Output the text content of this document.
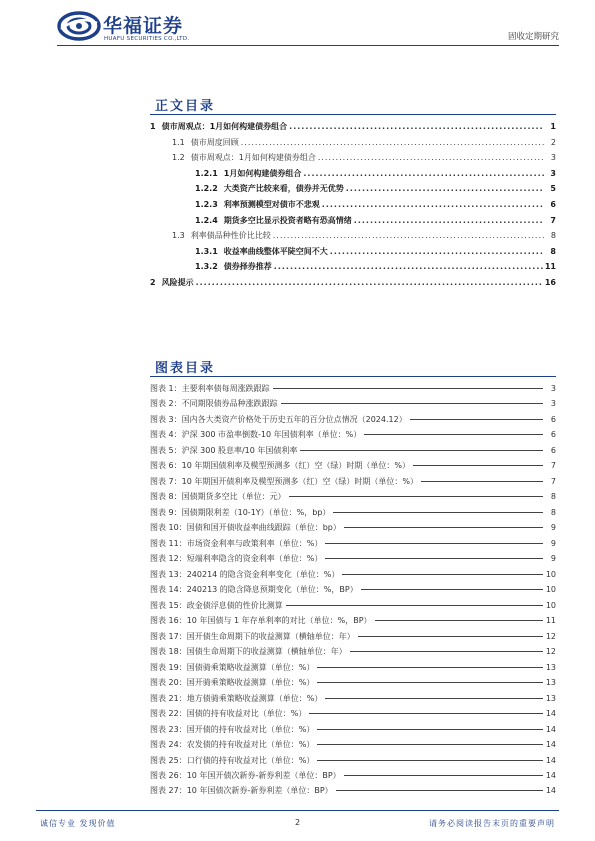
华福证券
HUAFU SECURITIES CO.,LTD.	固收定期研究
正文目录
1 债市周观点：1月如何构建债券组合 .....	1
1.1 债市周度回顾 .....	2
1.2 债市周观点：1月如何构建债券组合 .....	3
1.2.1 1月如何构建债券组合 .....	3
1.2.2 大类资产比较来看，债券并无优势 .....	5
1.2.3 利率预测模型对债市不悲观 .....	6
1.2.4 期货多空比显示投资者略有恐高情绪 .....	7
1.3 利率债品种性价比比较 .....	8
1.3.1 收益率曲线整体平陡空间不大 .....	8
1.3.2 债券择券推荐 .....	11
2 风险提示 .....	16
图表目录
图表 1：主要利率债每周涨跌跟踪	3
图表 2：不同期限债券品种涨跌跟踪	3
图表 3：国内各大类资产价格处于历史五年的百分位点情况（2024.12）	6
图表 4：沪深 300 市盈率倒数-10 年国债利率（单位：%）	6
图表 5：沪深 300 股息率/10 年国债利率	6
图表 6：10 年期国债利率及模型预测多（红）空（绿）时期（单位：%）	7
图表 7：10 年期国开债利率及模型预测多（红）空（绿）时期（单位：%）	7
图表 8：国债期货多空比（单位：元）	8
图表 9：国债期限利差（10-1Y）（单位：%，bp）	8
图表 10：国债和国开债收益率曲线跟踪（单位：bp）	9
图表 11：市场资金利率与政策利率（单位：%）	9
图表 12：短端利率隐含的资金利率（单位：%）	9
图表 13：240214 的隐含资金利率变化（单位：%）	10
图表 14：240213 的隐含降息预期变化（单位：%，BP）	10
图表 15：政金债浮息债的性价比测算	10
图表 16：10 年国债与 1 年存单利率的对比（单位：%，BP）	11
图表 17：国开债生命周期下的收益测算（横轴单位：年）	12
图表 18：国债生命周期下的收益测算（横轴单位：年）	12
图表 19：国债骑乘策略收益测算（单位：%）	13
图表 20：国开骑乘策略收益测算（单位：%）	13
图表 21：地方债骑乘策略收益测算（单位：%）	13
图表 22：国债的持有收益对比（单位：%）	14
图表 23：国开债的持有收益对比（单位：%）	14
图表 24：农发债的持有收益对比（单位：%）	14
图表 25：口行债的持有收益对比（单位：%）	14
图表 26：10 年国开债次新券-新券利差（单位：BP）	14
图表 27：10 年国债次新券-新券利差（单位：BP）	14
诚信专业 发现价值	2	请务必阅读报告末页的重要声明
